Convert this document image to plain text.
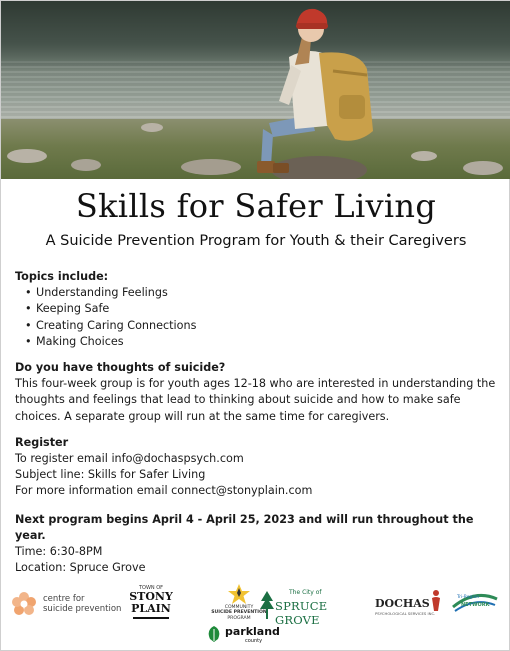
Skills for Safer Living
A Suicide Prevention Program for Youth & their Caregivers
Topics include:
• Understanding Feelings
• Keeping Safe
• Creating Caring Connections
• Making Choices
Do you have thoughts of suicide?
This four-week group is for youth ages 12-18 who are interested in understanding the thoughts and feelings that lead to thinking about suicide and how to make safe choices. A separate group will run at the same time for caregivers.
Register
To register email info@dochaspsych.com
Subject line: Skills for Safer Living
For more information email connect@stonyplain.com
Next program begins April 4 - April 25, 2023 and will run throughout the year.
Time: 6:30-8PM
Location: Spruce Grove
centre for
suicide prevention
TOWN OF
STONY
PLAIN	COMMUNITY
SUICIDE PREVENTION
PROGRAM
The City of
SPRUCE GROVE
DOCHAS
PSYCHOLOGICAL SERVICES INC.
Tri-Region
NETWORK
parkland
county
